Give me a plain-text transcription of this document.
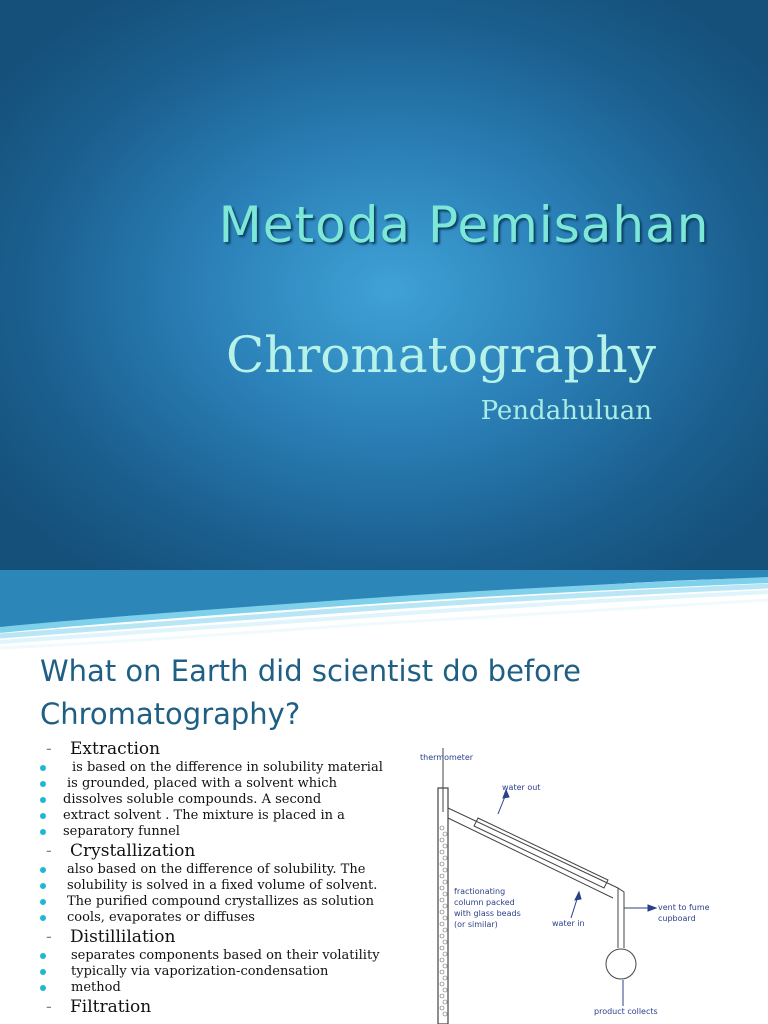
Metoda Pemisahan
Chromatography
Pendahuluan
What on Earth did scientist do before
Chromatography?
- Extraction
is based on the difference in solubility material
is grounded, placed with a solvent which
dissolves soluble compounds. A second
extract solvent . The mixture is placed in a
separatory funnel
- Crystallization
also based on the difference of solubility. The
solubility is solved in a fixed volume of solvent.
The purified compound crystallizes as solution
cools, evaporates or diffuses
- Distillilation
separates components based on their volatility
typically via vaporization-condensation
method
- Filtration
thermometer
water out
fractionating
column packed
with glass beads
(or similar)	water in
vent to fume
cupboard
product collects
